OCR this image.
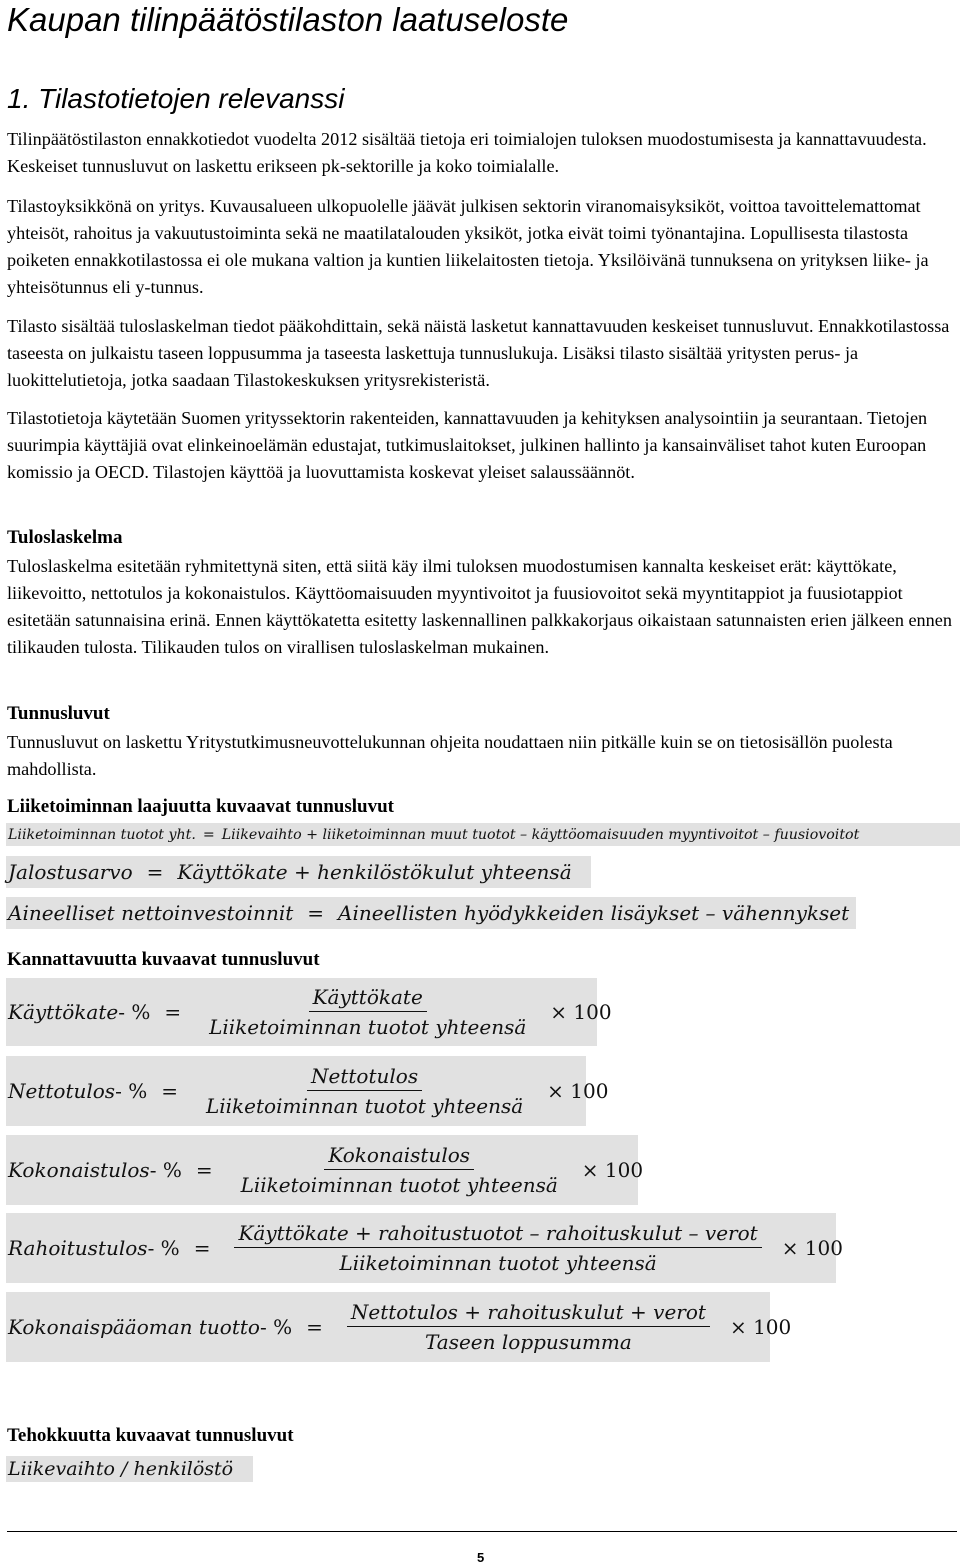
Kaupan tilinpäätöstilaston laatuseloste
1. Tilastotietojen relevanssi

Tilinpäätöstilaston ennakkotiedot vuodelta 2012 sisältää tietoja eri toimialojen tuloksen muodostumisesta ja kannattavuudesta. Keskeiset tunnusluvut on laskettu erikseen pk-sektorille ja koko toimialalle.

Tilastoyksikkönä on yritys. Kuvausalueen ulkopuolelle jäävät julkisen sektorin viranomaisyksiköt, voittoa tavoittelemattomat yhteisöt, rahoitus ja vakuutustoiminta sekä ne maatilatalouden yksiköt, jotka eivät toimi työnantajina. Lopullisesta tilastosta poiketen ennakkotilastossa ei ole mukana valtion ja kuntien liikelaitosten tietoja. Yksilöivänä tunnuksena on yrityksen liike- ja yhteisötunnus eli y-tunnus.

Tilasto sisältää tuloslaskelman tiedot pääkohdittain, sekä näistä lasketut kannattavuuden keskeiset tunnusluvut. Ennakkotilastossa taseesta on julkaistu taseen loppusumma ja taseesta laskettuja tunnuslukuja. Lisäksi tilasto sisältää yritysten perus- ja luokittelutietoja, jotka saadaan Tilastokeskuksen yritysrekisteristä.

Tilastotietoja käytetään Suomen yrityssektorin rakenteiden, kannattavuuden ja kehityksen analysointiin ja seurantaan. Tietojen suurimpia käyttäjiä ovat elinkeinoelämän edustajat, tutkimuslaitokset, julkinen hallinto ja kansainväliset tahot kuten Euroopan komissio ja OECD. Tilastojen käyttöä ja luovuttamista koskevat yleiset salaussäännöt.

Tuloslaskelma

Tuloslaskelma esitetään ryhmitettynä siten, että siitä käy ilmi tuloksen muodostumisen kannalta keskeiset erät: käyttökate, liikevoitto, nettotulos ja kokonaistulos. Käyttöomaisuuden myyntivoitot ja fuusiovoitot sekä myyntitappiot ja fuusiotappiot esitetään satunnaisina erinä. Ennen käyttökatetta esitetty laskennallinen palkkakorjaus oikaistaan satunnaisten erien jälkeen ennen tilikauden tulosta. Tilikauden tulos on virallisen tuloslaskelman mukainen.

Tunnusluvut

Tunnusluvut on laskettu Yritystutkimusneuvottelukunnan ohjeita noudattaen niin pitkälle kuin se on tietosisällön puolesta mahdollista.

Liiketoiminnan laajuutta kuvaavat tunnusluvut
Liiketoiminnan tuotot yht. = Liikevaihto + liiketoiminnan muut tuotot – käyttöomaisuuden myyntivoitot – fuusiovoitot
Jalostusarvo = Käyttökate + henkilöstökulut yhteensä
Aineelliset nettoinvestoinnit = Aineellisten hyödykkeiden lisäykset – vähennykset
Kannattavuutta kuvaavat tunnusluvut
Käyttökate - % = $\frac{\text{Käyttökate}}{\text{Liiketoiminnan tuotot yhteensä}} \times 100$
Nettotulos - % = $\frac{\text{Nettotulos}}{\text{Liiketoiminnan tuotot yhteensä}} \times 100$
Kokonaistulos - % = $\frac{\text{Kokonaistulos}}{\text{Liiketoiminnan tuotot yhteensä}} \times 100$
Rahoitustulos - % = $\frac{\text{Käyttökate + rahoitustuotot – rahoituskulut – verot}}{\text{Liiketoiminnan tuotot yhteensä}} \times 100$
Kokonaispääoman tuotto - % = $\frac{\text{Nettotulos + rahoituskulut + verot}}{\text{Taseen loppusumma}} \times 100$
Tehokkuutta kuvaavat tunnusluvut
Liikevaihto / henkilöstö
5
